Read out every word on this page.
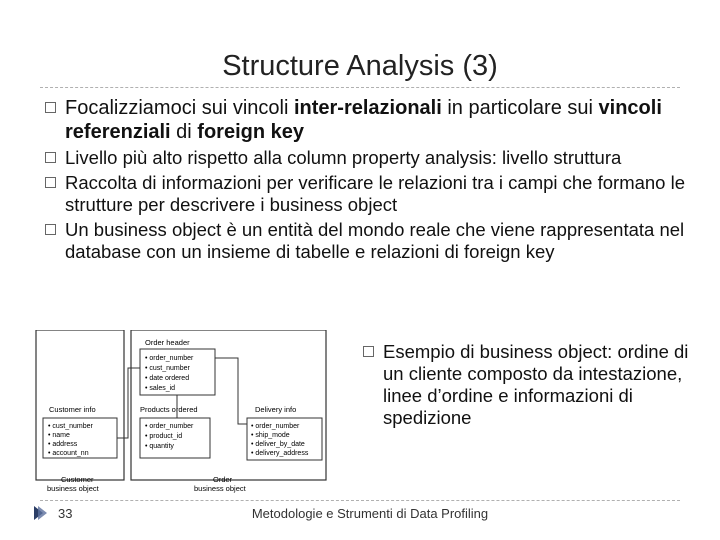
Structure Analysis (3)
Focalizziamoci sui vincoli inter-relazionali in particolare sui vincoli referenziali di foreign key
Livello più alto rispetto alla column property analysis: livello struttura
Raccolta di informazioni per verificare le relazioni tra i campi che formano le strutture per descrivere i business object
Un business object è un entità del mondo reale che viene rappresentata nel database con un insieme di tabelle e relazioni di foreign key
Order header
• order_number
• cust_number
• date ordered
• sales_id
Customer info
• cust_number
• name
• address
• account_nn
Products ordered
• order_number
• product_id
• quantity
Delivery info
• order_number
• ship_mode
• deliver_by_date
• delivery_address
Customer
business object
Order
business object
Esempio di business object: ordine di un cliente composto da intestazione, linee d’ordine e informazioni di spedizione
33	Metodologie e Strumenti di Data Profiling
